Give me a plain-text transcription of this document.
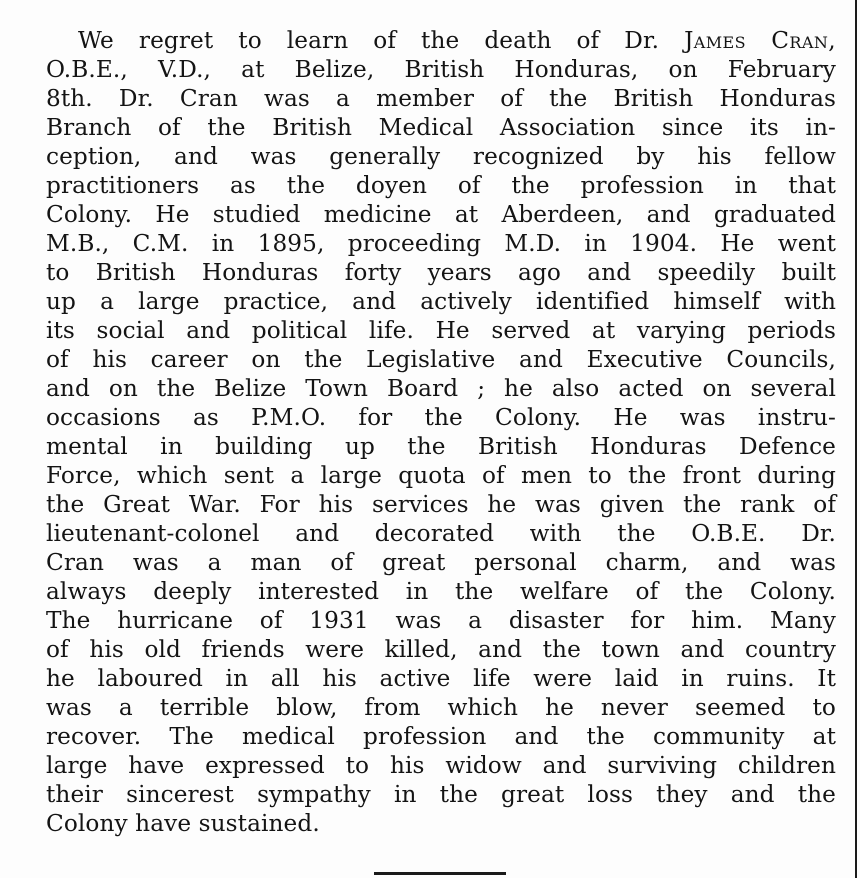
We regret to learn of the death of Dr. James Cran,
O.B.E., V.D., at Belize, British Honduras, on February
8th. Dr. Cran was a member of the British Honduras
Branch of the British Medical Association since its in-
ception, and was generally recognized by his fellow
practitioners as the doyen of the profession in that
Colony. He studied medicine at Aberdeen, and graduated
M.B., C.M. in 1895, proceeding M.D. in 1904. He went
to British Honduras forty years ago and speedily built
up a large practice, and actively identified himself with
its social and political life. He served at varying periods
of his career on the Legislative and Executive Councils,
and on the Belize Town Board ; he also acted on several
occasions as P.M.O. for the Colony. He was instru-
mental in building up the British Honduras Defence
Force, which sent a large quota of men to the front during
the Great War. For his services he was given the rank of
lieutenant-colonel and decorated with the O.B.E. Dr.
Cran was a man of great personal charm, and was
always deeply interested in the welfare of the Colony.
The hurricane of 1931 was a disaster for him. Many
of his old friends were killed, and the town and country
he laboured in all his active life were laid in ruins. It
was a terrible blow, from which he never seemed to
recover. The medical profession and the community at
large have expressed to his widow and surviving children
their sincerest sympathy in the great loss they and the
Colony have sustained.
